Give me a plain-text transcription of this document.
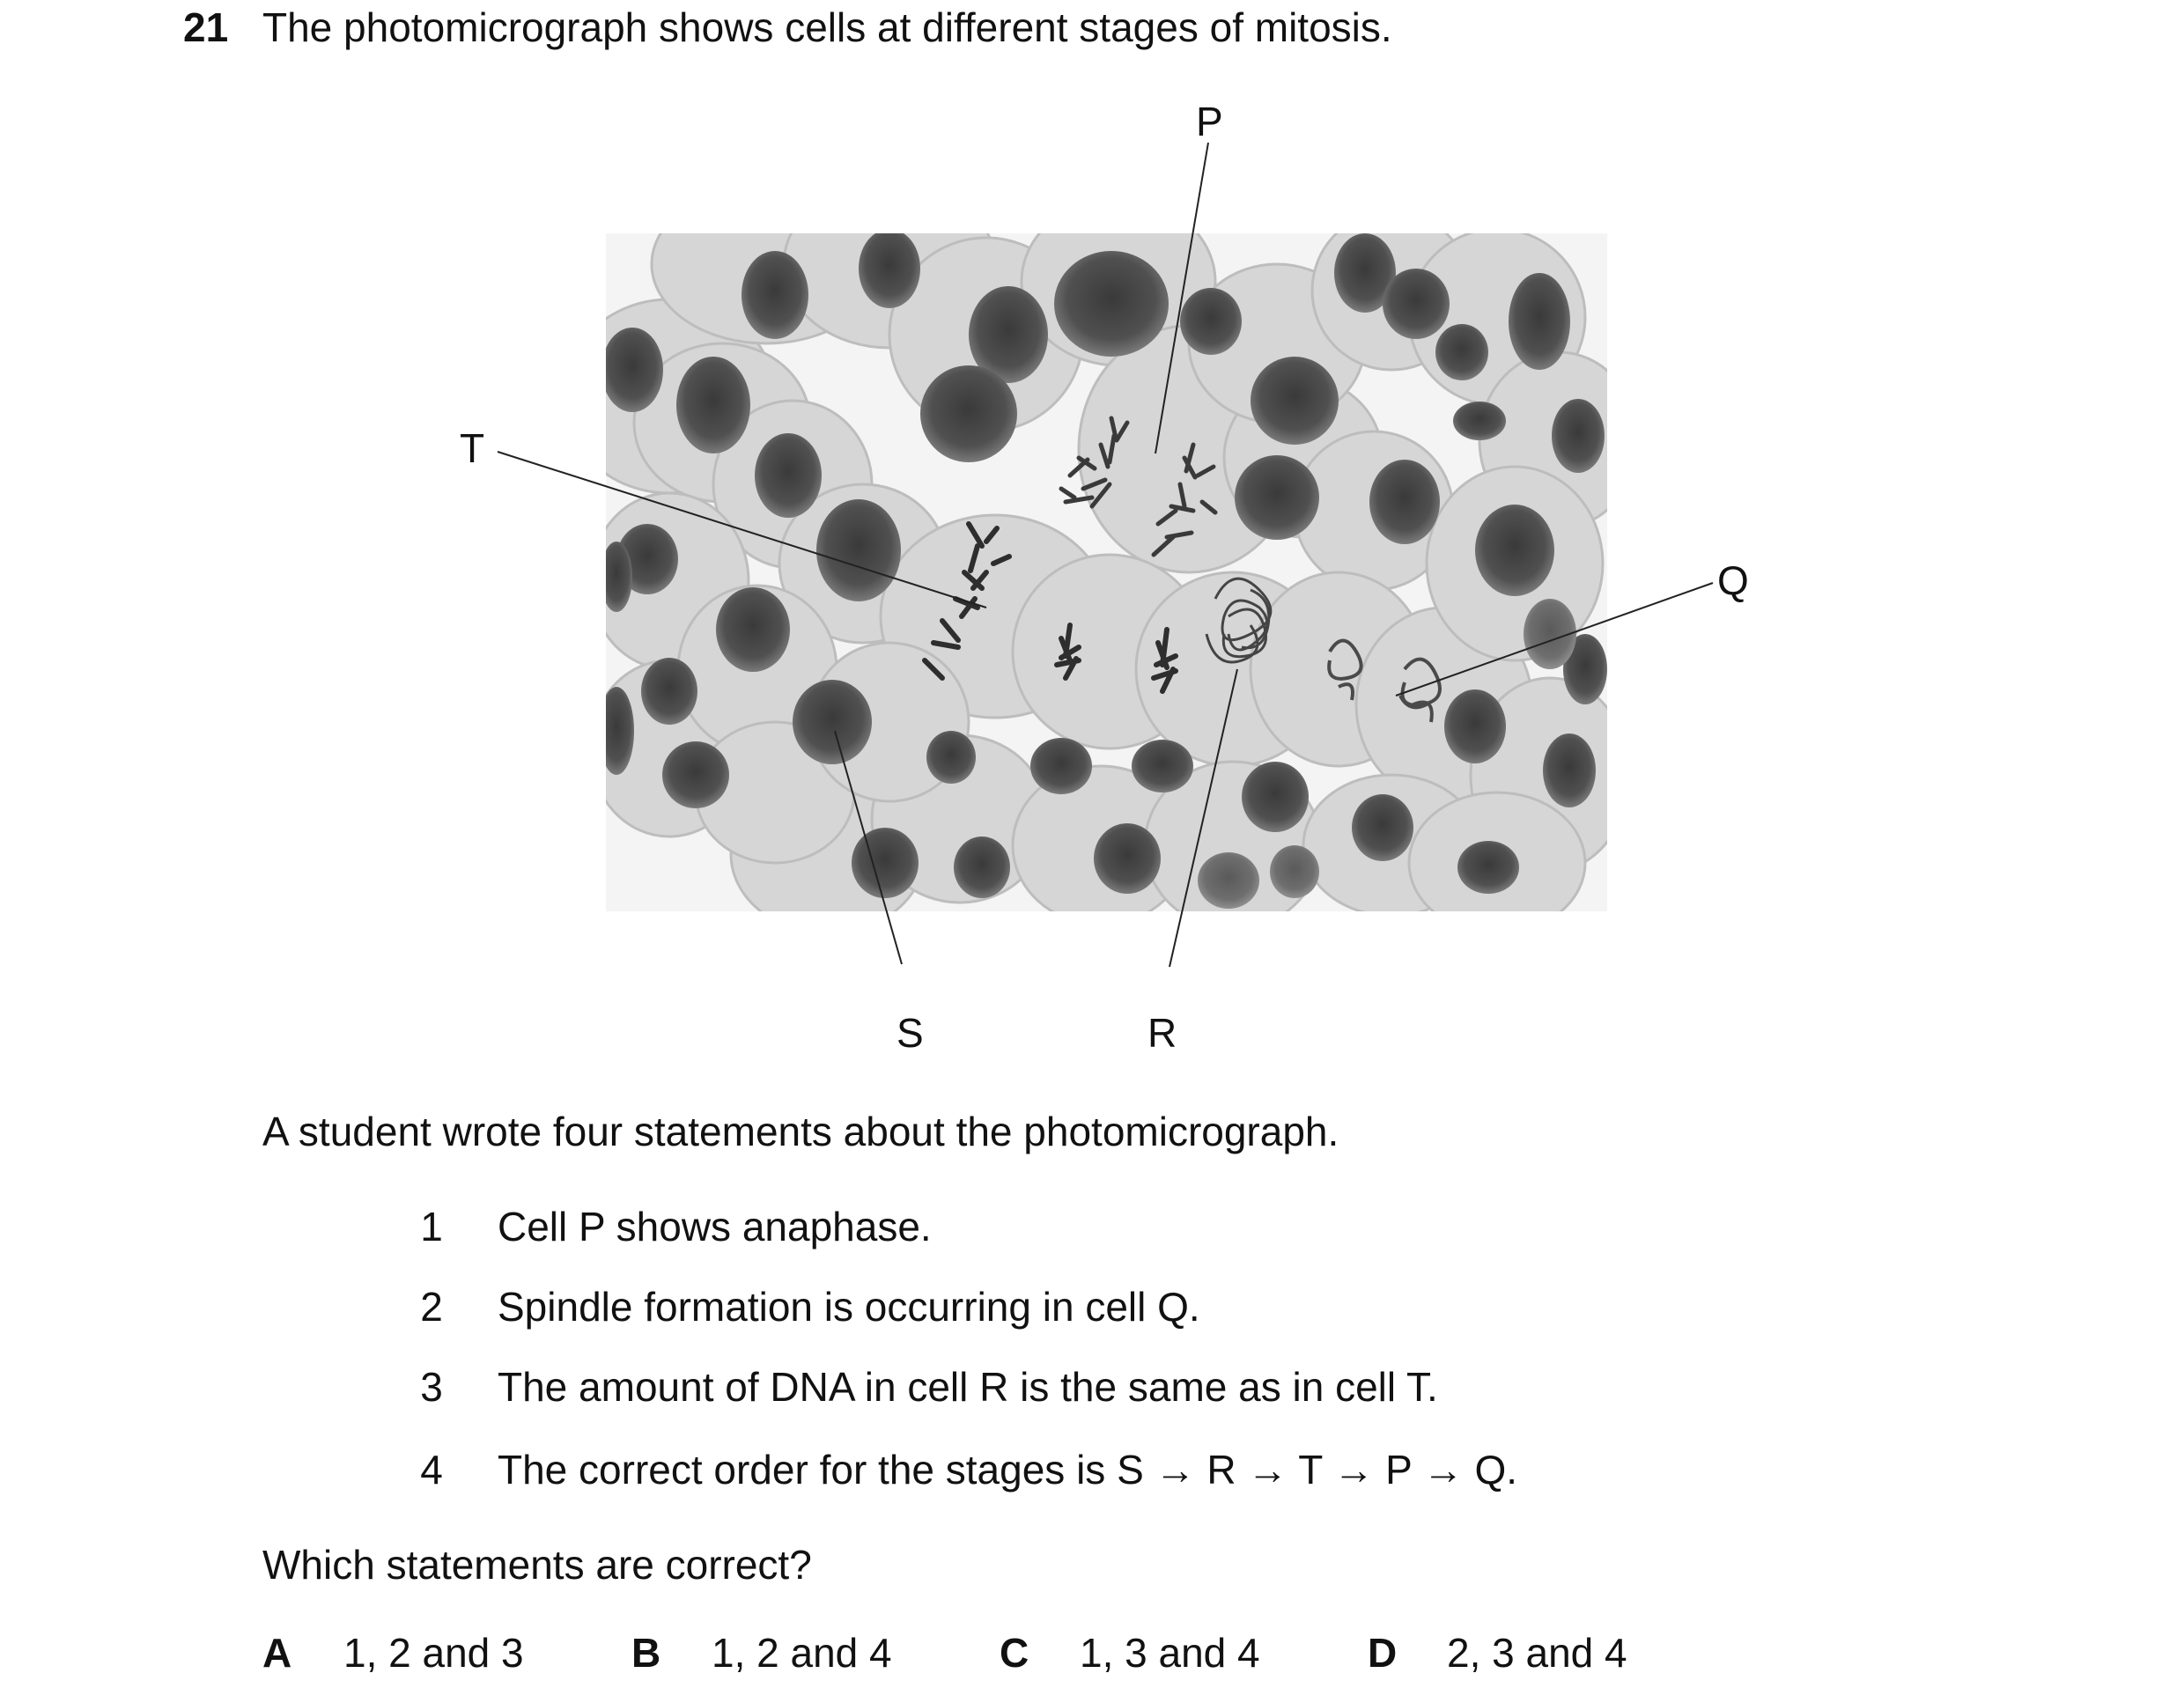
21 The photomicrograph shows cells at different stages of mitosis.
P
T
Q
S	R
A student wrote four statements about the photomicrograph.
1 Cell P shows anaphase.
2 Spindle formation is occurring in cell Q.
3 The amount of DNA in cell R is the same as in cell T.
4 The correct order for the stages is S → R → T → P → Q.
Which statements are correct?
A 1, 2 and 3	B 1, 2 and 4	C 1, 3 and 4	D 2, 3 and 4
